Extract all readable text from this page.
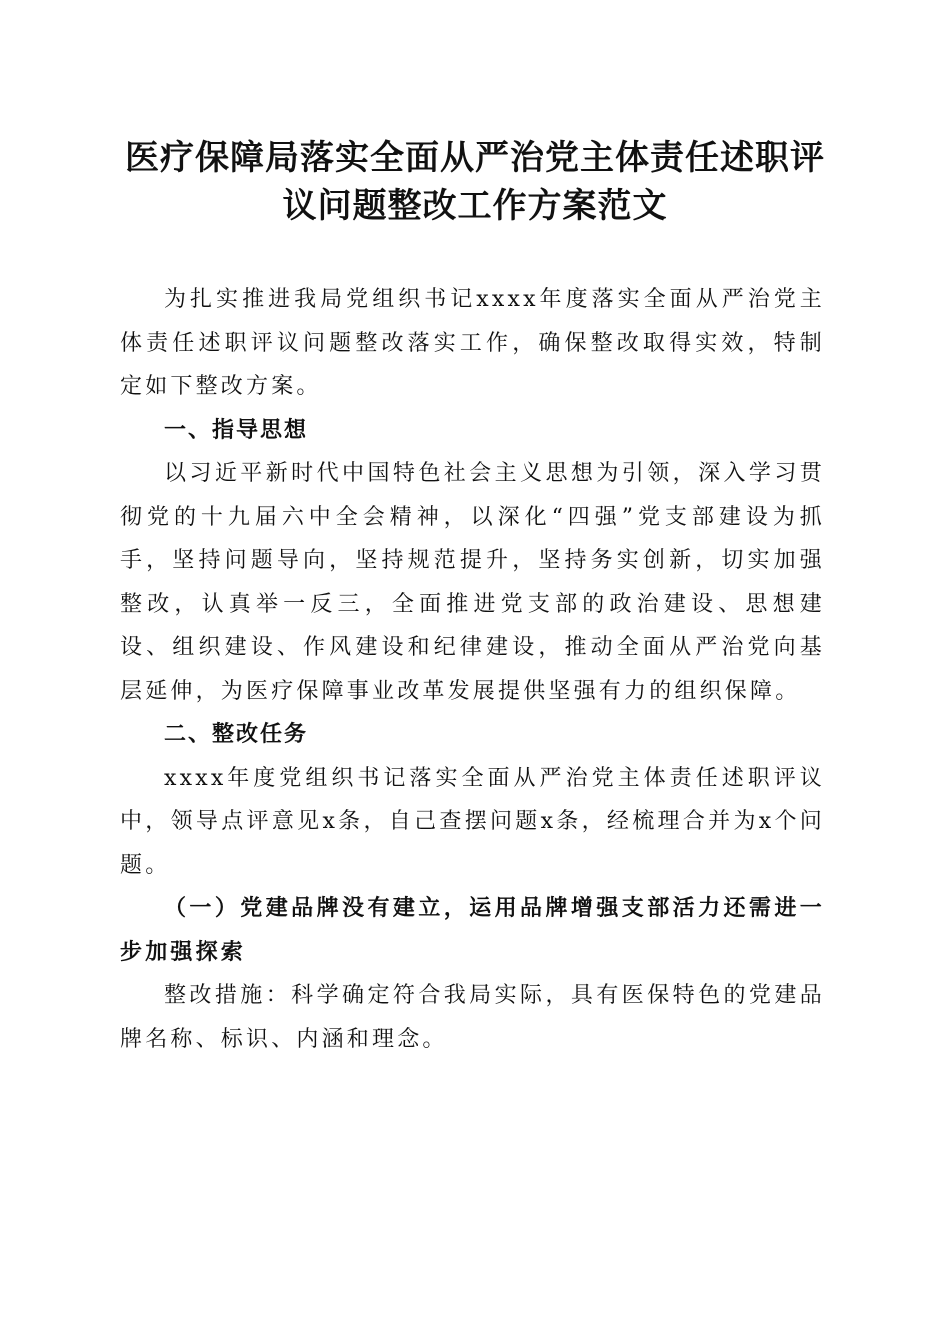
医疗保障局落实全面从严治党主体责任述职评议问题整改工作方案范文

为扎实推进我局党组织书记xxxx年度落实全面从严治党主体责任述职评议问题整改落实工作，确保整改取得实效，特制定如下整改方案。

一、指导思想

以习近平新时代中国特色社会主义思想为引领，深入学习贯彻党的十九届六中全会精神，以深化“四强”党支部建设为抓手，坚持问题导向，坚持规范提升，坚持务实创新，切实加强整改，认真举一反三，全面推进党支部的政治建设、思想建设、组织建设、作风建设和纪律建设，推动全面从严治党向基层延伸，为医疗保障事业改革发展提供坚强有力的组织保障。

二、整改任务

xxxx年度党组织书记落实全面从严治党主体责任述职评议中，领导点评意见x条，自己查摆问题x条，经梳理合并为x个问题。

（一）党建品牌没有建立，运用品牌增强支部活力还需进一步加强探索

整改措施：科学确定符合我局实际，具有医保特色的党建品牌名称、标识、内涵和理念。
